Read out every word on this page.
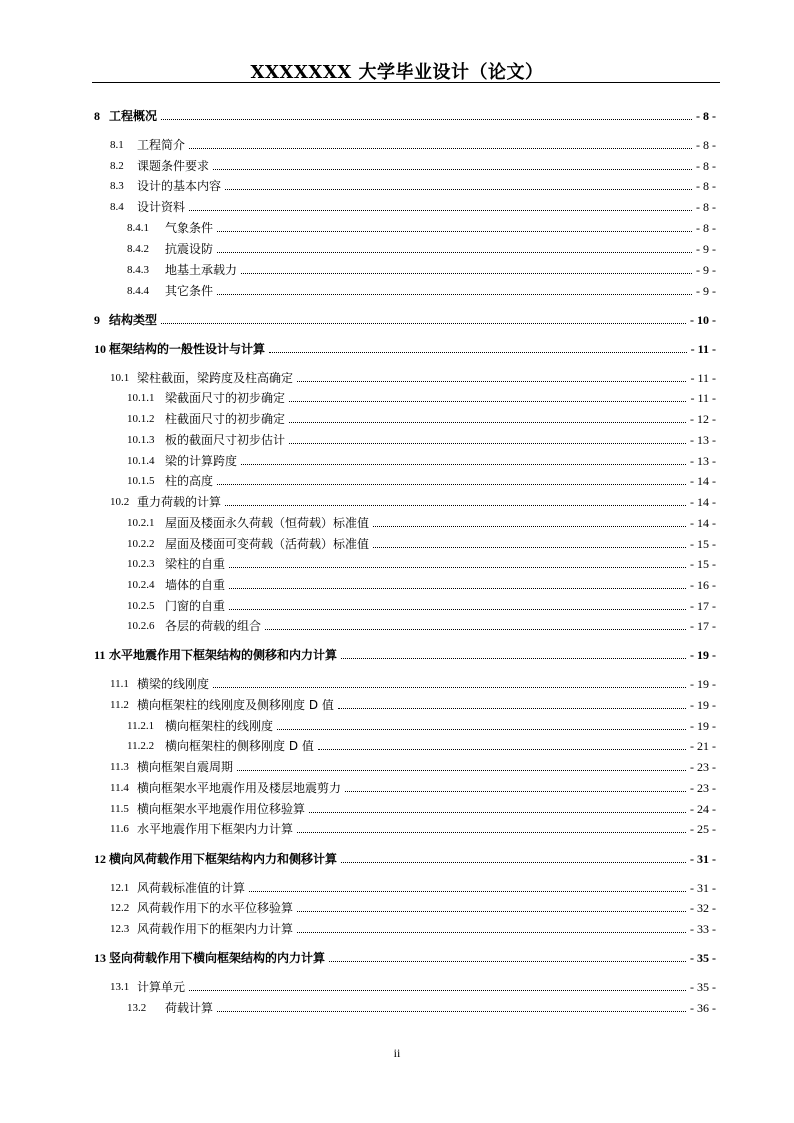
XXXXXXX 大学毕业设计（论文）
8 工程概况	- 8 -
8.1	工程简介	- 8 -
8.2	课题条件要求	- 8 -
8.3	设计的基本内容	- 8 -
8.4	设计资料	- 8 -
8.4.1	气象条件	- 8 -
8.4.2	抗震设防	- 9 -
8.4.3	地基土承载力	- 9 -
8.4.4	其它条件	- 9 -
9 结构类型	- 10 -
10 框架结构的一般性设计与计算	- 11 -
10.1 梁柱截面，梁跨度及柱高确定	- 11 -
10.1.1 梁截面尺寸的初步确定	- 11 -
10.1.2 柱截面尺寸的初步确定	- 12 -
10.1.3 板的截面尺寸初步估计	- 13 -
10.1.4 梁的计算跨度	- 13 -
10.1.5 柱的高度	- 14 -
10.2 重力荷载的计算	- 14 -
10.2.1 屋面及楼面永久荷载（恒荷载）标准值	- 14 -
10.2.2 屋面及楼面可变荷载（活荷载）标准值	- 15 -
10.2.3 梁柱的自重	- 15 -
10.2.4 墙体的自重	- 16 -
10.2.5 门窗的自重	- 17 -
10.2.6 各层的荷载的组合	- 17 -
11 水平地震作用下框架结构的侧移和内力计算	- 19 -
11.1 横梁的线刚度	- 19 -
11.2 横向框架柱的线刚度及侧移刚度 D 值	- 19 -
11.2.1 横向框架柱的线刚度	- 19 -
11.2.2 横向框架柱的侧移刚度 D 值	- 21 -
11.3 横向框架自震周期	- 23 -
11.4 横向框架水平地震作用及楼层地震剪力	- 23 -
11.5 横向框架水平地震作用位移验算	- 24 -
11.6 水平地震作用下框架内力计算	- 25 -
12 横向风荷载作用下框架结构内力和侧移计算	- 31 -
12.1 风荷载标准值的计算	- 31 -
12.2 风荷载作用下的水平位移验算	- 32 -
12.3 风荷载作用下的框架内力计算	- 33 -
13 竖向荷载作用下横向框架结构的内力计算	- 35 -
13.1 计算单元	- 35 -
13.2	荷载计算	- 36 -
ii
